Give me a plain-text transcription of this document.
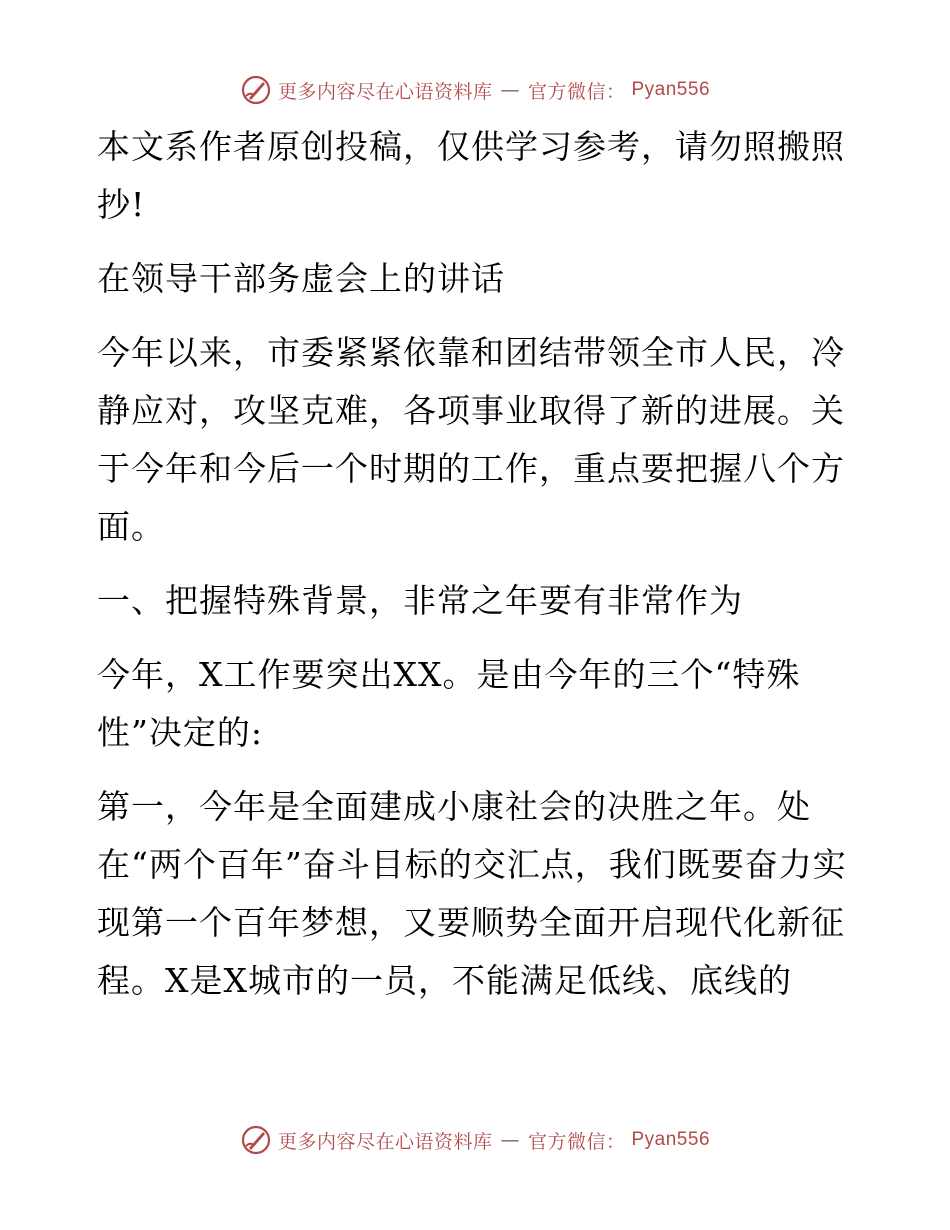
更多内容尽在心语资料库 — 官方微信： Pyan556

本文系作者原创投稿，仅供学习参考，请勿照搬照抄!

在领导干部务虚会上的讲话

今年以来，市委紧紧依靠和团结带领全市人民，冷静应对，攻坚克难，各项事业取得了新的进展。关于今年和今后一个时期的工作，重点要把握八个方面。

一、把握特殊背景，非常之年要有非常作为

今年，X工作要突出XX。是由今年的三个“特殊性”决定的:

第一，今年是全面建成小康社会的决胜之年。处在“两个百年”奋斗目标的交汇点，我们既要奋力实现第一个百年梦想，又要顺势全面开启现代化新征程。X是X城市的一员，不能满足低线、底线的

更多内容尽在心语资料库 — 官方微信： Pyan556
